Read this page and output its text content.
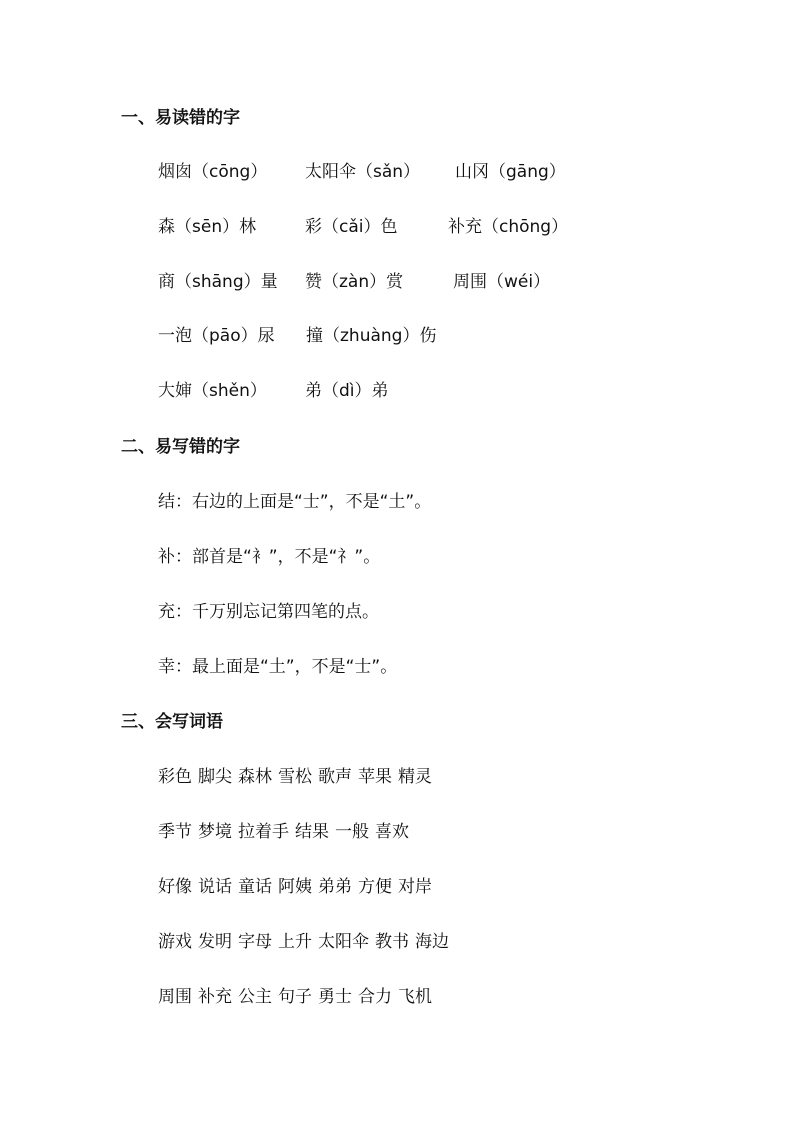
一、易读错的字
烟囱（cōng） 太阳伞（sǎn） 山冈（gāng）
森（sēn）林	彩（cǎi）色	补充（chōng）
商（shāng）量 赞（zàn）赏	周围（wéi）
一泡（pāo）尿 撞（zhuàng）伤
大婶（shěn） 弟（dì）弟
二、易写错的字
结：右边的上面是“士”，不是“土”。
补：部首是“衤”，不是“礻”。
充：千万别忘记第四笔的点。
幸：最上面是“土”，不是“士”。
三、会写词语
彩色 脚尖 森林 雪松 歌声 苹果 精灵
季节 梦境 拉着手 结果 一般 喜欢
好像 说话 童话 阿姨 弟弟 方便 对岸
游戏 发明 字母 上升 太阳伞 教书 海边
周围 补充 公主 句子 勇士 合力 飞机
